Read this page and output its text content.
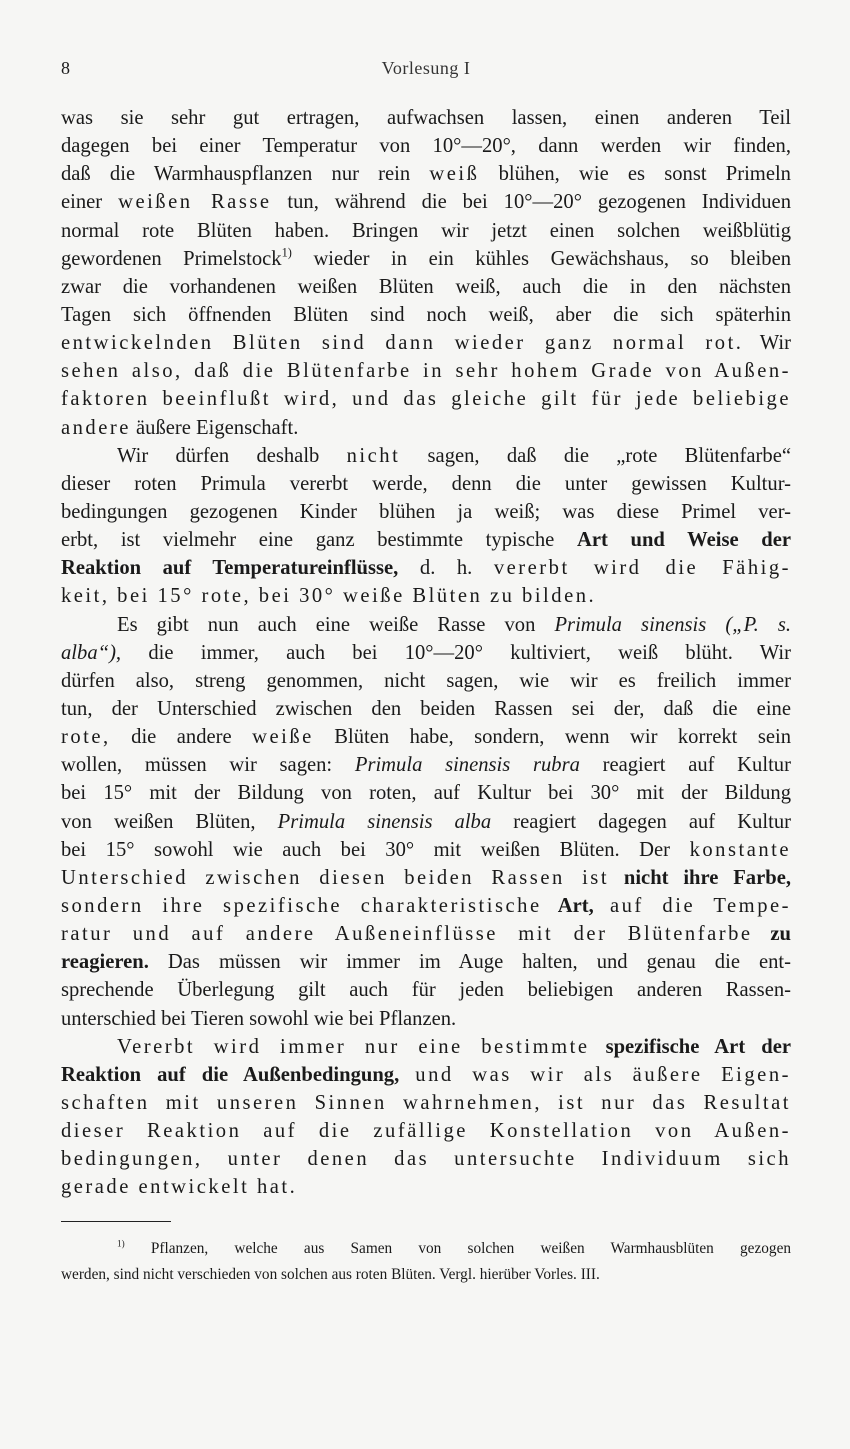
8	Vorlesung I
was sie sehr gut ertragen, aufwachsen lassen, einen anderen Teil
dagegen bei einer Temperatur von 10°—20°, dann werden wir finden,
daß die Warmhauspflanzen nur rein weiß blühen, wie es sonst Primeln
einer weißen Rasse tun, während die bei 10°—20° gezogenen Individuen
normal rote Blüten haben. Bringen wir jetzt einen solchen weißblütig
gewordenen Primelstock$^{1)}$ wieder in ein kühles Gewächshaus, so bleiben
zwar die vorhandenen weißen Blüten weiß, auch die in den nächsten
Tagen sich öffnenden Blüten sind noch weiß, aber die sich späterhin
entwickelnden Blüten sind dann wieder ganz normal rot. Wir
sehen also, daß die Blütenfarbe in sehr hohem Grade von Außen-
faktoren beeinflußt wird, und das gleiche gilt für jede beliebige
andere äußere Eigenschaft.
Wir dürfen deshalb nicht sagen, daß die „rote Blütenfarbe“
dieser roten Primula vererbt werde, denn die unter gewissen Kultur-
bedingungen gezogenen Kinder blühen ja weiß; was diese Primel ver-
erbt, ist vielmehr eine ganz bestimmte typische Art und Weise der
Reaktion auf Temperatureinflüsse, d. h. vererbt wird die Fähig-
keit, bei 15° rote, bei 30° weiße Blüten zu bilden.
Es gibt nun auch eine weiße Rasse von Primula sinensis („P. s.
alba“), die immer, auch bei 10°—20° kultiviert, weiß blüht. Wir
dürfen also, streng genommen, nicht sagen, wie wir es freilich immer
tun, der Unterschied zwischen den beiden Rassen sei der, daß die eine
rote, die andere weiße Blüten habe, sondern, wenn wir korrekt sein
wollen, müssen wir sagen: Primula sinensis rubra reagiert auf Kultur
bei 15° mit der Bildung von roten, auf Kultur bei 30° mit der Bildung
von weißen Blüten, Primula sinensis alba reagiert dagegen auf Kultur
bei 15° sowohl wie auch bei 30° mit weißen Blüten. Der konstante
Unterschied zwischen diesen beiden Rassen ist nicht ihre Farbe,
sondern ihre spezifische charakteristische Art, auf die Tempe-
ratur und auf andere Außeneinflüsse mit der Blütenfarbe zu
reagieren. Das müssen wir immer im Auge halten, und genau die ent-
sprechende Überlegung gilt auch für jeden beliebigen anderen Rassen-
unterschied bei Tieren sowohl wie bei Pflanzen.
Vererbt wird immer nur eine bestimmte spezifische Art der
Reaktion auf die Außenbedingung, und was wir als äußere Eigen-
schaften mit unseren Sinnen wahrnehmen, ist nur das Resultat
dieser Reaktion auf die zufällige Konstellation von Außen-
bedingungen, unter denen das untersuchte Individuum sich
gerade entwickelt hat.
$^{1)}$ Pflanzen, welche aus Samen von solchen weißen Warmhausblüten gezogen
werden, sind nicht verschieden von solchen aus roten Blüten. Vergl. hierüber Vorles. III.
